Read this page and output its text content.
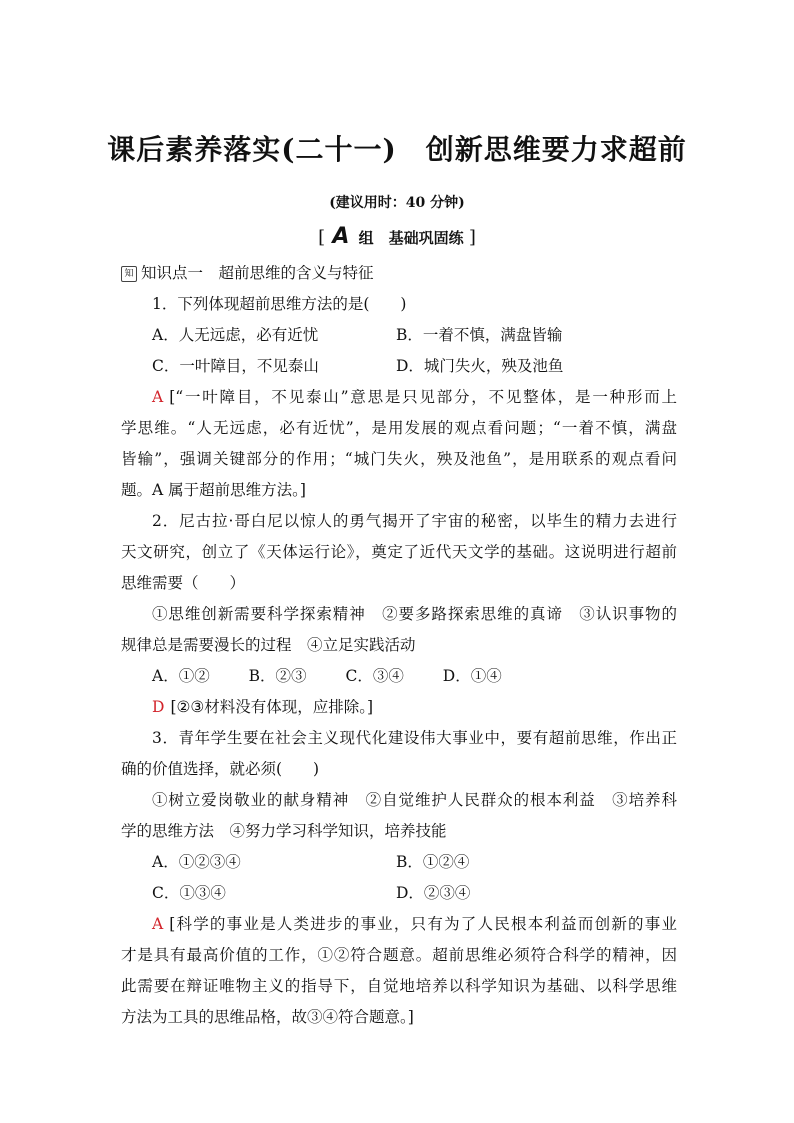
课后素养落实(二十一)　创新思维要力求超前
(建议用时：40 分钟)
[ A 组　基础巩固练 ]
知 知识点一　超前思维的含义与特征
1．下列体现超前思维方法的是(　　)
A．人无远虑，必有近忧	B．一着不慎，满盘皆输
C．一叶障目，不见泰山	D．城门失火，殃及池鱼
A [“一叶障目，不见泰山”意思是只见部分，不见整体，是一种形而上
学思维。“人无远虑，必有近忧”，是用发展的观点看问题；“一着不慎，满盘
皆输”，强调关键部分的作用；“城门失火，殃及池鱼”，是用联系的观点看问
题。A 属于超前思维方法。]
2．尼古拉·哥白尼以惊人的勇气揭开了宇宙的秘密，以毕生的精力去进行
天文研究，创立了《天体运行论》，奠定了近代天文学的基础。这说明进行超前
思维需要（　　）
①思维创新需要科学探索精神　②要多路探索思维的真谛　③认识事物的
规律总是需要漫长的过程　④立足实践活动
A．①②	B．②③	C．③④	D．①④
D [②③材料没有体现，应排除。]
3．青年学生要在社会主义现代化建设伟大事业中，要有超前思维，作出正
确的价值选择，就必须(　　)
①树立爱岗敬业的献身精神　②自觉维护人民群众的根本利益　③培养科
学的思维方法　④努力学习科学知识，培养技能
A．①②③④	B．①②④
C．①③④	D．②③④
A [科学的事业是人类进步的事业，只有为了人民根本利益而创新的事业
才是具有最高价值的工作，①②符合题意。超前思维必须符合科学的精神，因
此需要在辩证唯物主义的指导下，自觉地培养以科学知识为基础、以科学思维
方法为工具的思维品格，故③④符合题意。]
